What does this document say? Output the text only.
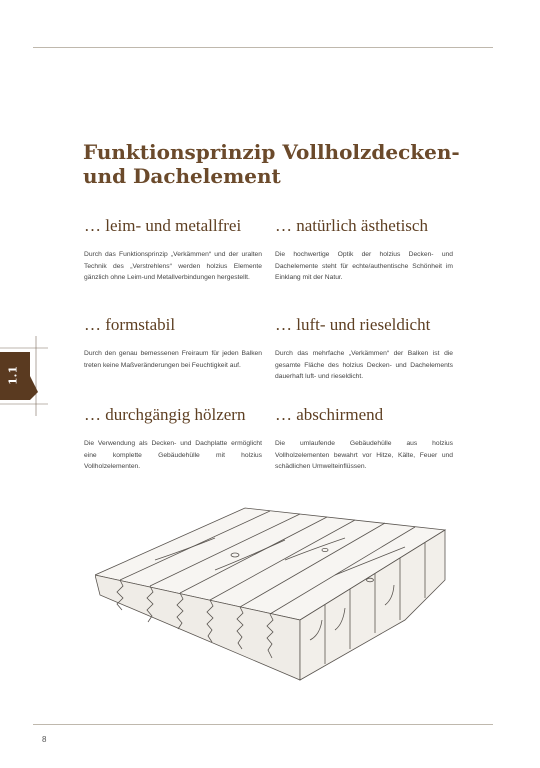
1.1
Funktionsprinzip Vollholzdecken-
und Dachelement
… leim- und metallfrei

Durch das Funktionsprinzip „Verkämmen“ und der uralten Technik des „Verstrehlens“ werden holzius Elemente gänzlich ohne Leim-und Metallverbindungen hergestellt.

… natürlich ästhetisch

Die hochwertige Optik der holzius Decken- und Dachelemente steht für echte/authentische Schönheit im Einklang mit der Natur.

… formstabil

Durch den genau bemessenen Freiraum für jeden Balken treten keine Maßveränderungen bei Feuchtigkeit auf.

… luft- und rieseldicht

Durch das mehrfache „Verkämmen“ der Balken ist die gesamte Fläche des holzius Decken- und Dachelements dauerhaft luft- und rieseldicht.

… durchgängig hölzern

Die Verwendung als Decken- und Dachplatte ermöglicht eine komplette Gebäudehülle mit holzius Vollholzelementen.

… abschirmend

Die umlaufende Gebäudehülle aus holzius Vollholzelementen bewahrt vor Hitze, Kälte, Feuer und schädlichen Umwelteinflüssen.

8
